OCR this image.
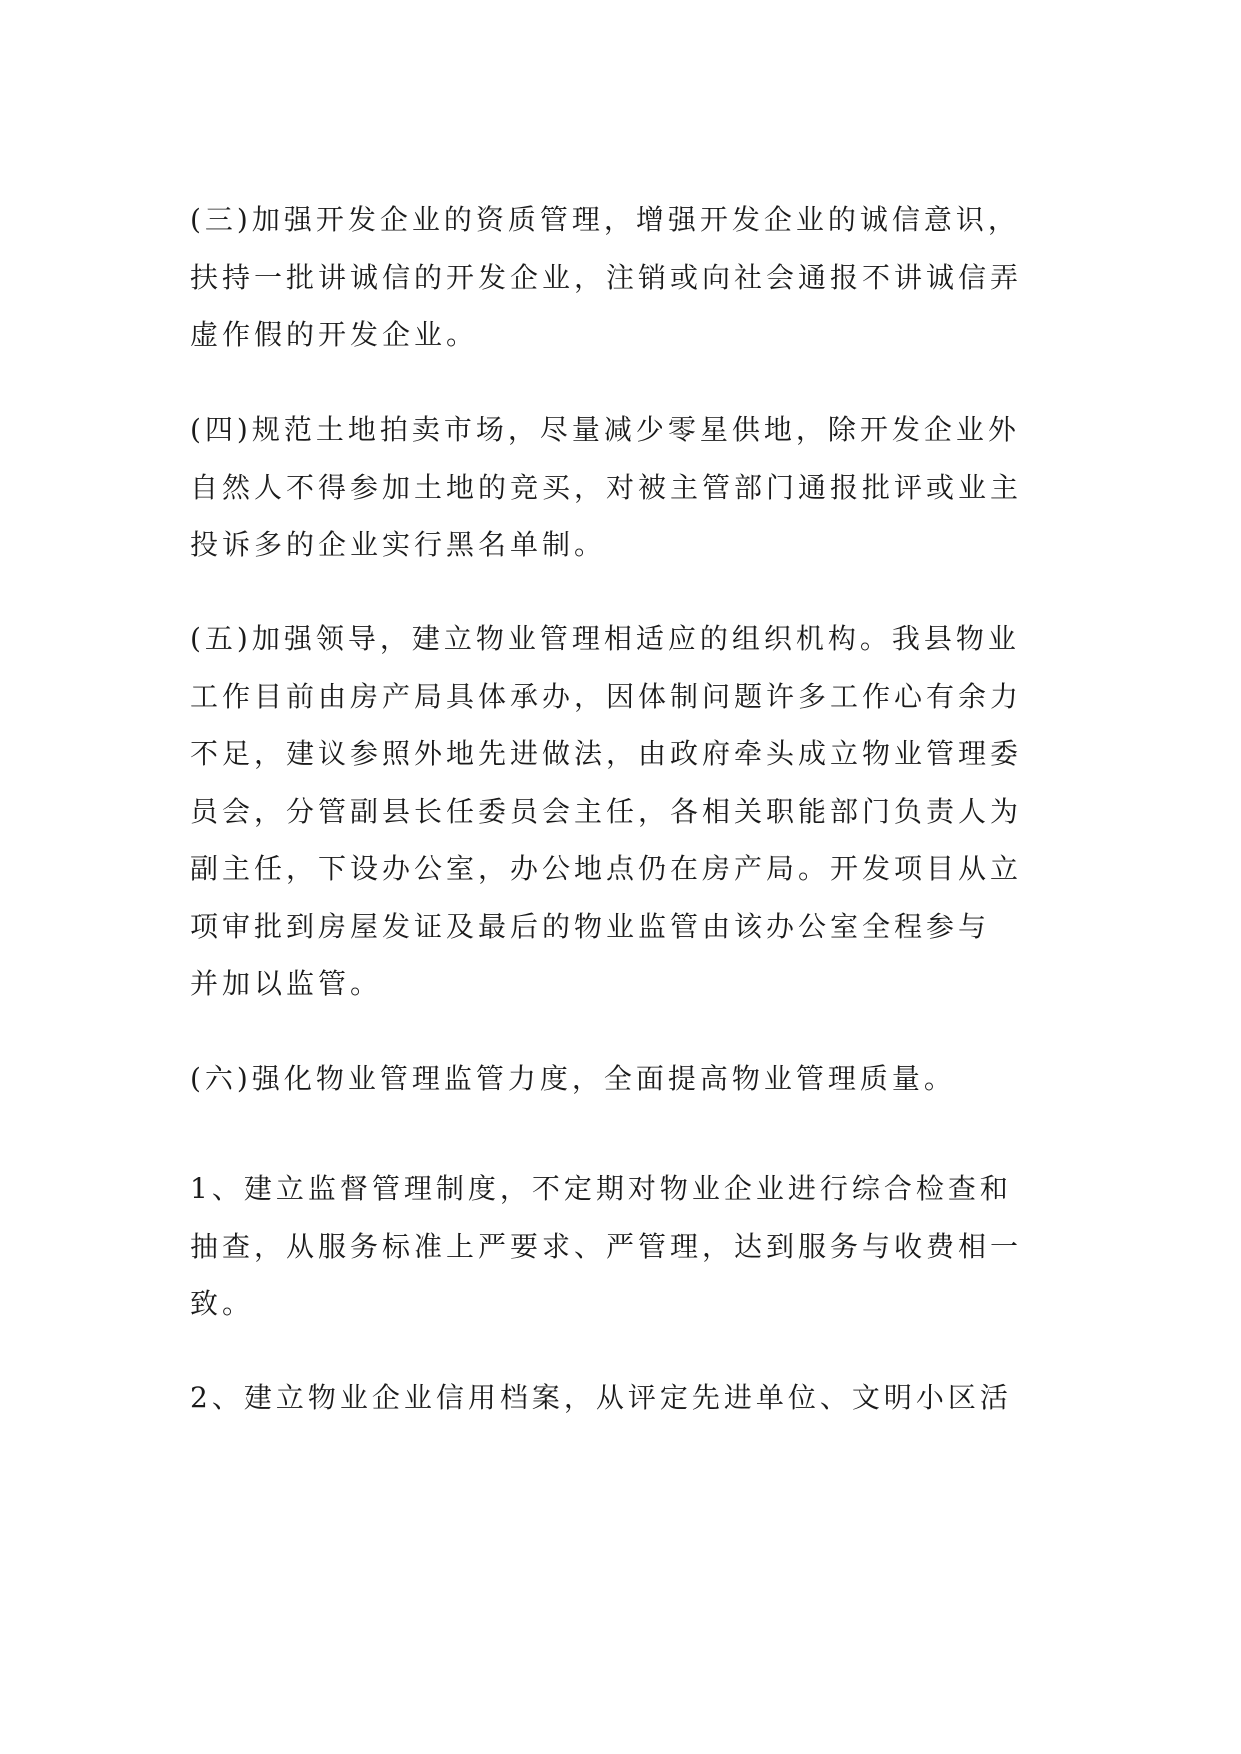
(三)加强开发企业的资质管理，增强开发企业的诚信意识，
扶持一批讲诚信的开发企业，注销或向社会通报不讲诚信弄
虚作假的开发企业。
(四)规范土地拍卖市场，尽量减少零星供地，除开发企业外
自然人不得参加土地的竞买，对被主管部门通报批评或业主
投诉多的企业实行黑名单制。
(五)加强领导，建立物业管理相适应的组织机构。我县物业
工作目前由房产局具体承办，因体制问题许多工作心有余力
不足，建议参照外地先进做法，由政府牵头成立物业管理委
员会，分管副县长任委员会主任，各相关职能部门负责人为
副主任，下设办公室，办公地点仍在房产局。开发项目从立
项审批到房屋发证及最后的物业监管由该办公室全程参与
并加以监管。
(六)强化物业管理监管力度，全面提高物业管理质量。
1、建立监督管理制度，不定期对物业企业进行综合检查和
抽查，从服务标准上严要求、严管理，达到服务与收费相一
致。
2、建立物业企业信用档案，从评定先进单位、文明小区活
